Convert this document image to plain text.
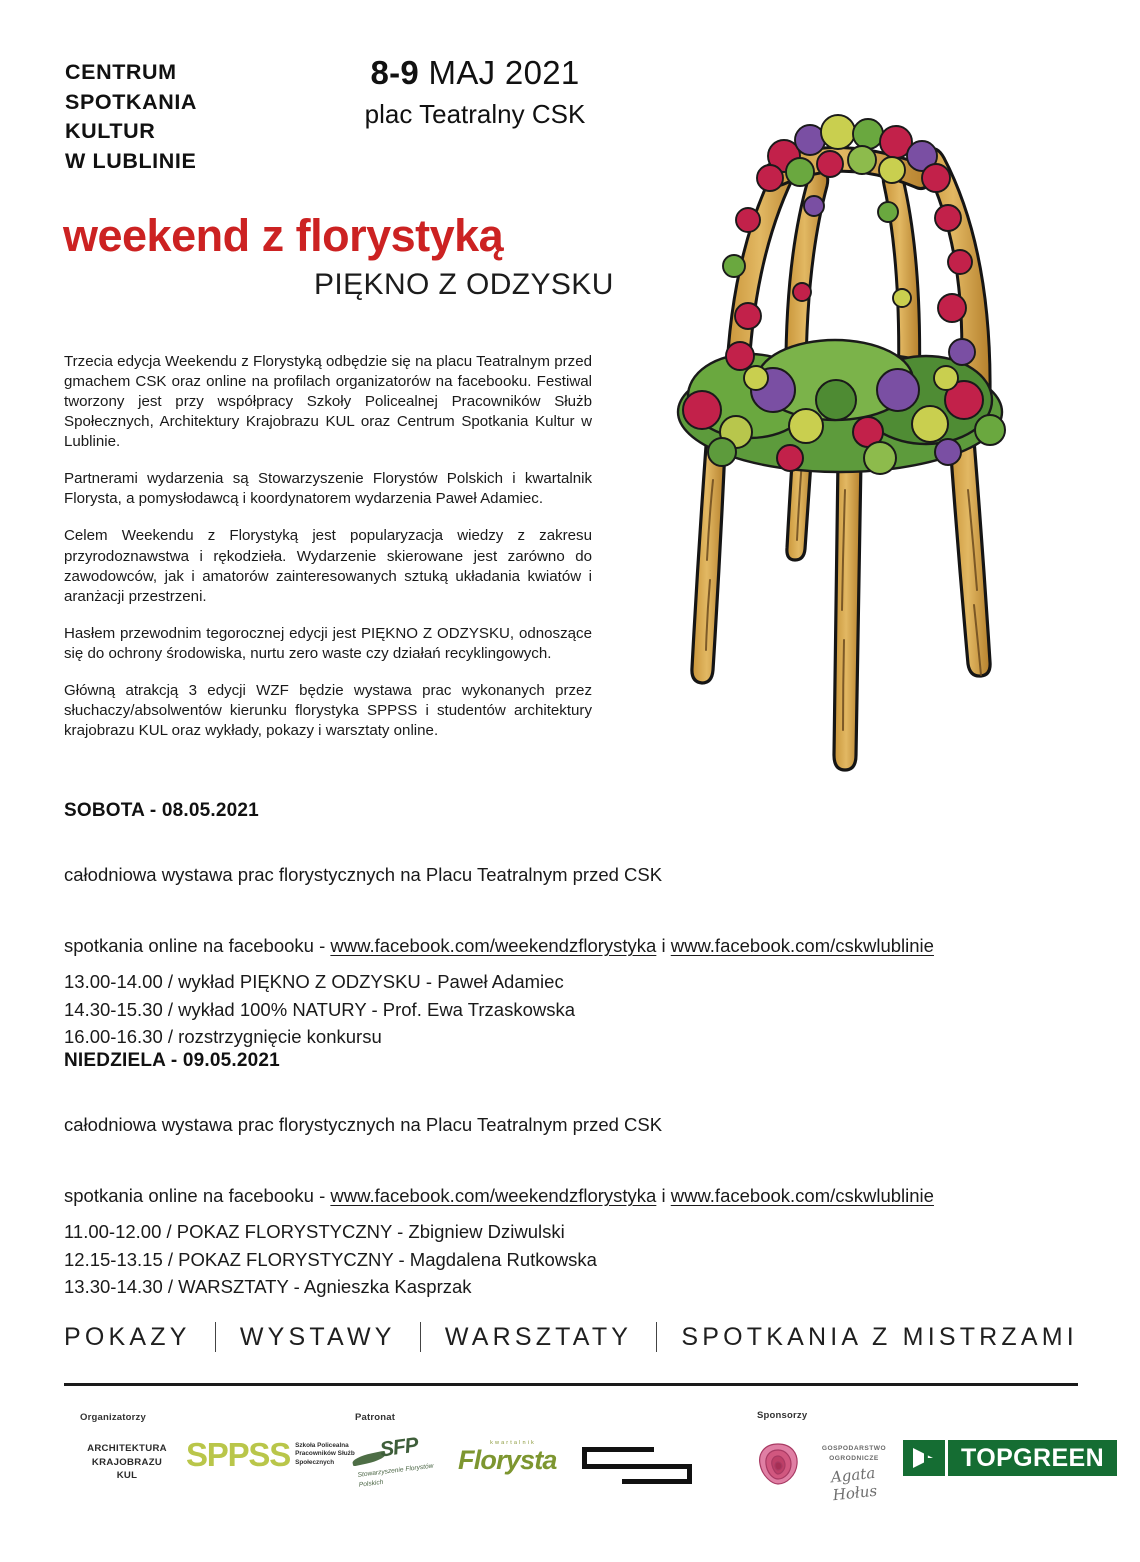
CENTRUM
SPOTKANIA
KULTUR
W LUBLINIE
8-9 MAJ 2021
plac Teatralny CSK
weekend z florystyką
PIĘKNO Z ODZYSKU

Trzecia edycja Weekendu z Florystyką odbędzie się na placu Teatralnym przed gmachem CSK oraz online na profilach organizatorów na facebooku. Festiwal tworzony jest przy współpracy Szkoły Policealnej Pracowników Służb Społecznych, Architektury Krajobrazu KUL oraz Centrum Spotkania Kultur w Lublinie.

Partnerami wydarzenia są Stowarzyszenie Florystów Polskich i kwartalnik Florysta, a pomysłodawcą i koordynatorem wydarzenia Paweł Adamiec.

Celem Weekendu z Florystyką jest popularyzacja wiedzy z zakresu przyrodoznawstwa i rękodzieła. Wydarzenie skierowane jest zarówno do zawodowców, jak i amatorów zainteresowanych sztuką układania kwiatów i aranżacji przestrzeni.

Hasłem przewodnim tegorocznej edycji jest PIĘKNO Z ODZYSKU, odnoszące się do ochrony środowiska, nurtu zero waste czy działań recyklingowych.

Główną atrakcją 3 edycji WZF będzie wystawa prac wykonanych przez słuchaczy/absolwentów kierunku florystyka SPPSS i studentów architektury krajobrazu KUL oraz wykłady, pokazy i warsztaty online.

SOBOTA - 08.05.2021
całodniowa wystawa prac florystycznych na Placu Teatralnym przed CSK
spotkania online na facebooku - www.facebook.com/weekendzflorystyka i www.facebook.com/cskwlublinie
13.00-14.00 / wykład PIĘKNO Z ODZYSKU - Paweł Adamiec
14.30-15.30 / wykład 100% NATURY - Prof. Ewa Trzaskowska
16.00-16.30 / rozstrzygnięcie konkursu
NIEDZIELA - 09.05.2021
całodniowa wystawa prac florystycznych na Placu Teatralnym przed CSK
spotkania online na facebooku - www.facebook.com/weekendzflorystyka i www.facebook.com/cskwlublinie
11.00-12.00 / POKAZ FLORYSTYCZNY - Zbigniew Dziwulski
12.15-13.15 / POKAZ FLORYSTYCZNY - Magdalena Rutkowska
13.30-14.30 / WARSZTATY - Agnieszka Kasprzak
POKAZY WYSTAWY WARSZTATY SPOTKANIA Z MISTRZAMI
Organizatorzy	Patronat	Sponsorzy
ARCHITEKTURA
KRAJOBRAZU
KUL
SPPSS Szkoła Policealna Pracowników Służb Społecznych
SFP
Stowarzyszenie Florystów Polskich
kwartalnik
Florysta	GOSPODARSTWO
OGRODNICZE
Agata Hołus
TOPGREEN
